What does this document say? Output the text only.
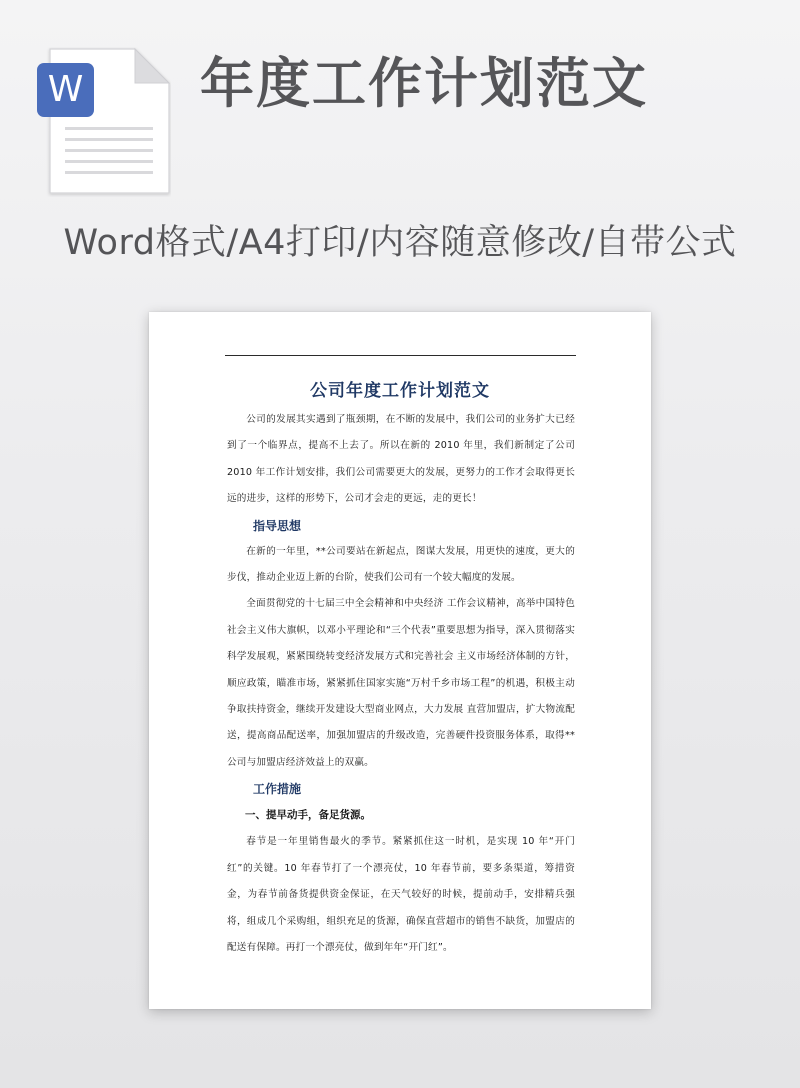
W 年度工作计划范文
Word格式/A4打印/内容随意修改/自带公式
公司年度工作计划范文

公司的发展其实遇到了瓶颈期，在不断的发展中，我们公司的业务扩大已经到了一个临界点，提高不上去了。所以在新的 2010 年里，我们新制定了公司 2010 年工作计划安排，我们公司需要更大的发展，更努力的工作才会取得更长远的进步，这样的形势下，公司才会走的更远，走的更长！

指导思想

在新的一年里，**公司要站在新起点，图谋大发展，用更快的速度，更大的步伐，推动企业迈上新的台阶，使我们公司有一个较大幅度的发展。

全面贯彻党的十七届三中全会精神和中央经济 工作会议精神，高举中国特色社会主义伟大旗帜，以邓小平理论和“三个代表”重要思想为指导，深入贯彻落实科学发展观，紧紧围绕转变经济发展方式和完善社会 主义市场经济体制的方针，顺应政策，瞄准市场，紧紧抓住国家实施“万村千乡市场工程”的机遇，积极主动争取扶持资金，继续开发建设大型商业网点，大力发展 直营加盟店，扩大物流配送，提高商品配送率，加强加盟店的升级改造，完善硬件投资服务体系，取得**公司与加盟店经济效益上的双赢。

工作措施

一、提早动手，备足货源。

春节是一年里销售最火的季节。紧紧抓住这一时机，是实现 10 年“开门红”的关键。10 年春节打了一个漂亮仗，10 年春节前，要多条渠道，筹措资金，为春节前备货提供资金保证，在天气较好的时候，提前动手，安排精兵强将，组成几个采购组，组织充足的货源，确保直营超市的销售不缺货，加盟店的配送有保障。再打一个漂亮仗，做到年年“开门红”。
